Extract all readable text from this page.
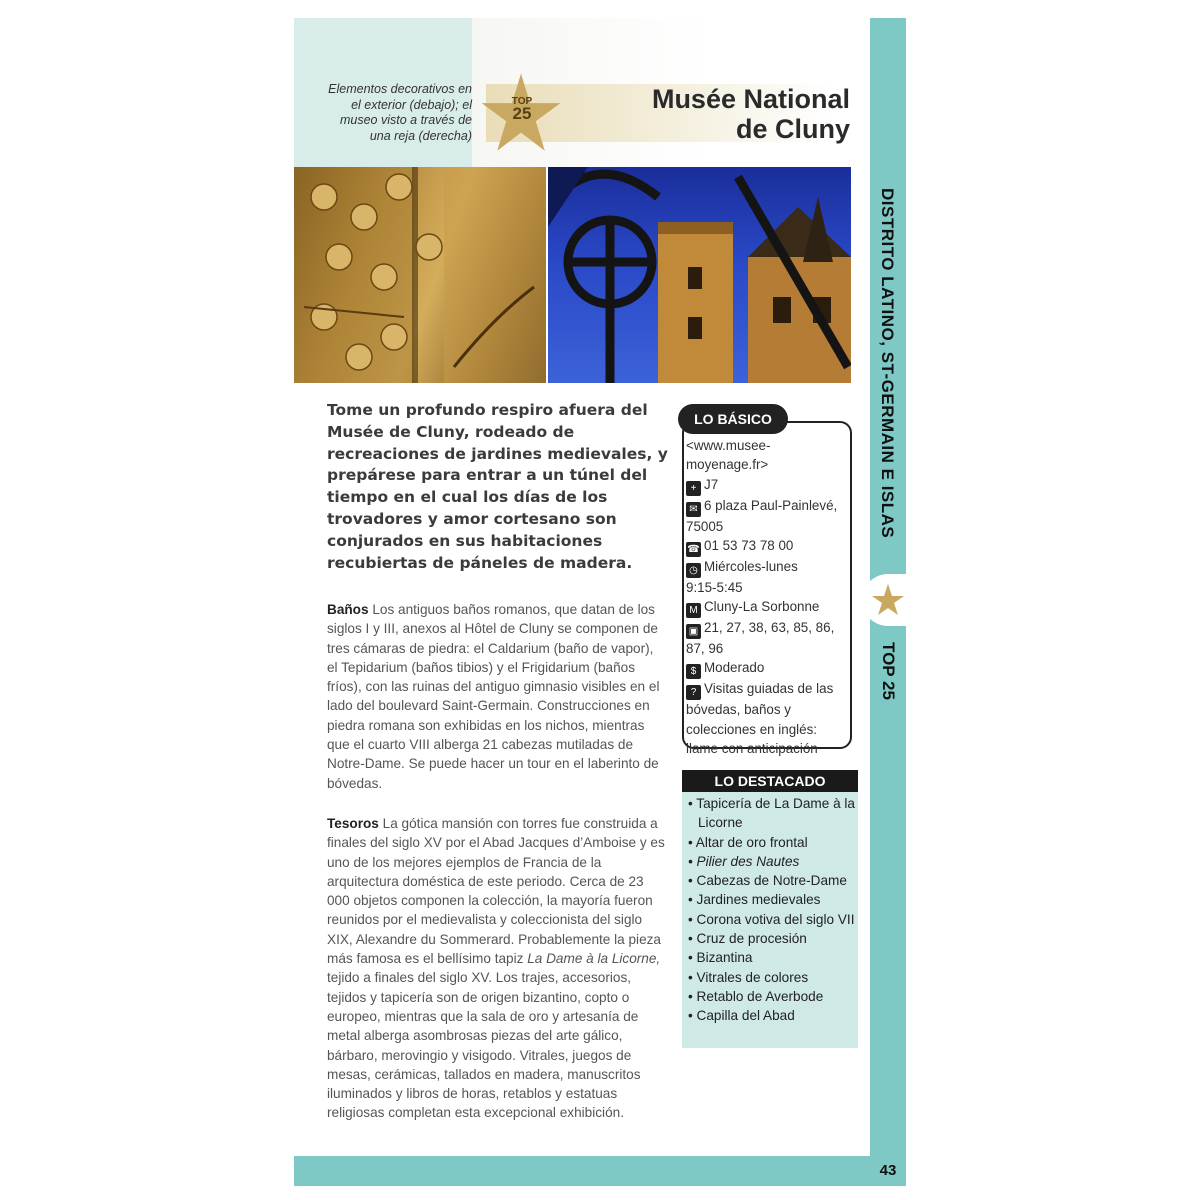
Elementos decorativos en el exterior (debajo); el museo visto a través de una reja (derecha)
TOP
25	Musée National
de Cluny
DISTRITO LATINO, ST-GERMAIN E ISLAS
TOP 25
Tome un profundo respiro afuera del Musée de Cluny, rodeado de recreaciones de jardines medievales, y prepárese para entrar a un túnel del tiempo en el cual los días de los trovadores y amor cortesano son conjurados en sus habitaciones recubiertas de páneles de madera.
Baños Los antiguos baños romanos, que datan de los siglos I y III, anexos al Hôtel de Cluny se componen de tres cámaras de piedra: el Caldarium (baño de vapor), el Tepidarium (baños tibios) y el Frigidarium (baños fríos), con las ruinas del antiguo gimnasio visibles en el lado del boulevard Saint-Germain. Construcciones en piedra romana son exhibidas en los nichos, mientras que el cuarto VIII alberga 21 cabezas mutiladas de Notre-Dame. Se puede hacer un tour en el laberinto de bóvedas.
Tesoros La gótica mansión con torres fue construida a finales del siglo XV por el Abad Jacques d’Amboise y es uno de los mejores ejemplos de Francia de la arquitectura doméstica de este periodo. Cerca de 23 000 objetos componen la colección, la mayoría fueron reunidos por el medievalista y coleccionista del siglo XIX, Alexandre du Sommerard. Probablemente la pieza más famosa es el bellísimo tapiz La Dame à la Licorne, tejido a finales del siglo XV. Los trajes, accesorios, tejidos y tapicería son de origen bizantino, copto o europeo, mientras que la sala de oro y artesanía de metal alberga asombrosas piezas del arte gálico, bárbaro, merovingio y visigodo. Vitrales, juegos de mesas, cerámicas, tallados en madera, manuscritos iluminados y libros de horas, retablos y estatuas religiosas completan esta excepcional exhibición.
LO BÁSICO
<www.musee-moyenage.fr>
+ J7
✉ 6 plaza Paul-Painlevé, 75005
☎ 01 53 73 78 00
◷ Miércoles-lunes
9:15-5:45
M Cluny-La Sorbonne
▣ 21, 27, 38, 63, 85, 86, 87, 96
$ Moderado
? Visitas guiadas de las bóvedas, baños y colecciones en inglés: llame con anticipación
LO DESTACADO
• Tapicería de La Dame à la Licorne
• Altar de oro frontal
• Pilier des Nautes
• Cabezas de Notre-Dame
• Jardines medievales
• Corona votiva del siglo VII
• Cruz de procesión
• Bizantina
• Vitrales de colores
• Retablo de Averbode
• Capilla del Abad
43
